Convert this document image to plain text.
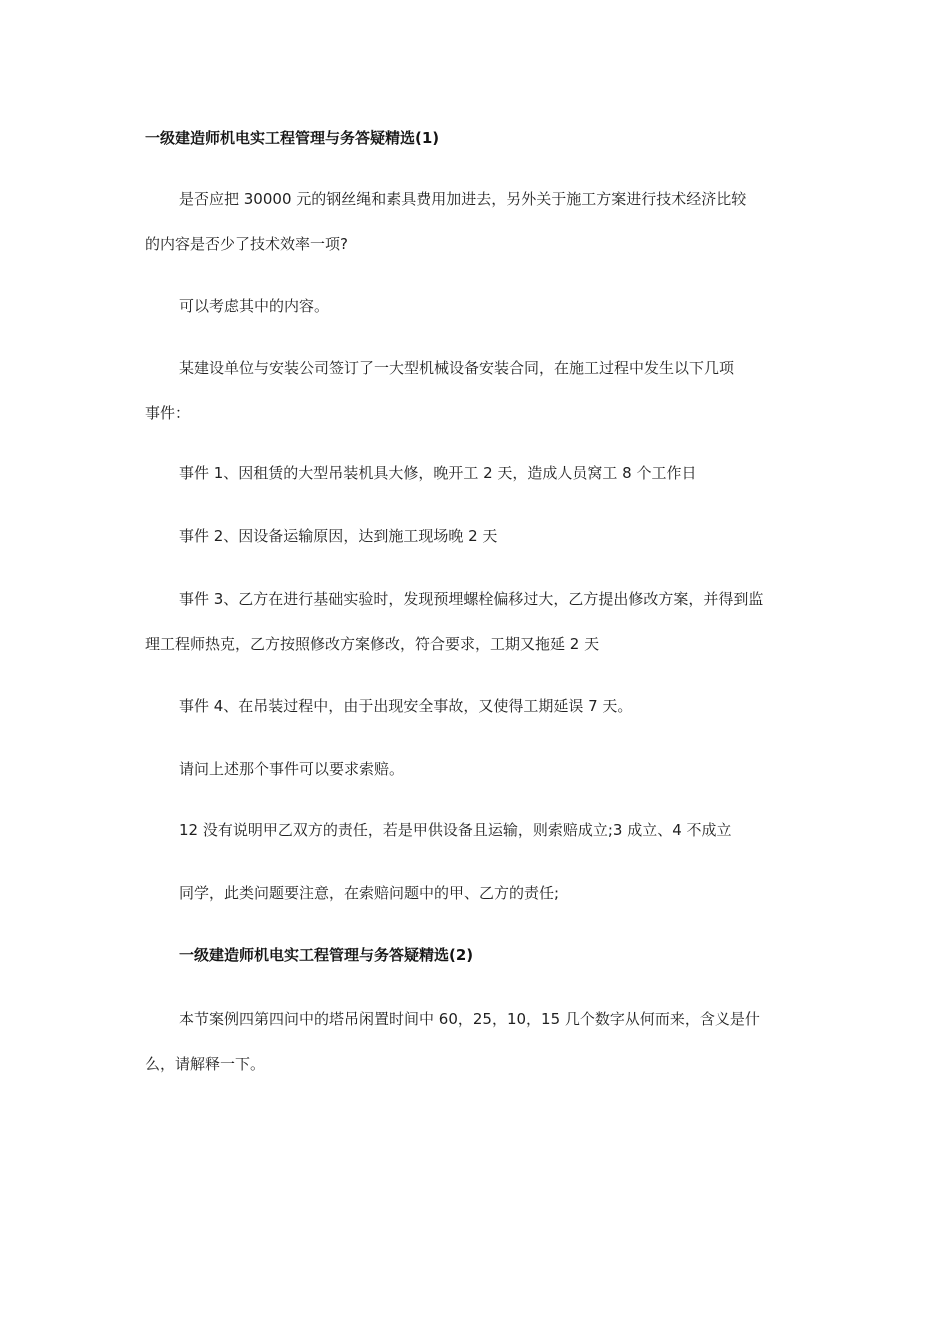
一级建造师机电实工程管理与务答疑精选(1)
是否应把 30000 元的钢丝绳和素具费用加进去，另外关于施工方案进行技术经济比较
的内容是否少了技术效率一项?
可以考虑其中的内容。
某建设单位与安装公司签订了一大型机械设备安装合同，在施工过程中发生以下几项
事件：
事件 1、因租赁的大型吊装机具大修，晚开工 2 天，造成人员窝工 8 个工作日
事件 2、因设备运输原因，达到施工现场晚 2 天
事件 3、乙方在进行基础实验时，发现预埋螺栓偏移过大，乙方提出修改方案，并得到监
理工程师热克，乙方按照修改方案修改，符合要求，工期又拖延 2 天
事件 4、在吊装过程中，由于出现安全事故，又使得工期延误 7 天。
请问上述那个事件可以要求索赔。
12 没有说明甲乙双方的责任，若是甲供设备且运输，则索赔成立;3 成立、4 不成立
同学，此类问题要注意，在索赔问题中的甲、乙方的责任;
一级建造师机电实工程管理与务答疑精选(2)
本节案例四第四问中的塔吊闲置时间中 60，25，10，15 几个数字从何而来，含义是什
么，请解释一下。
